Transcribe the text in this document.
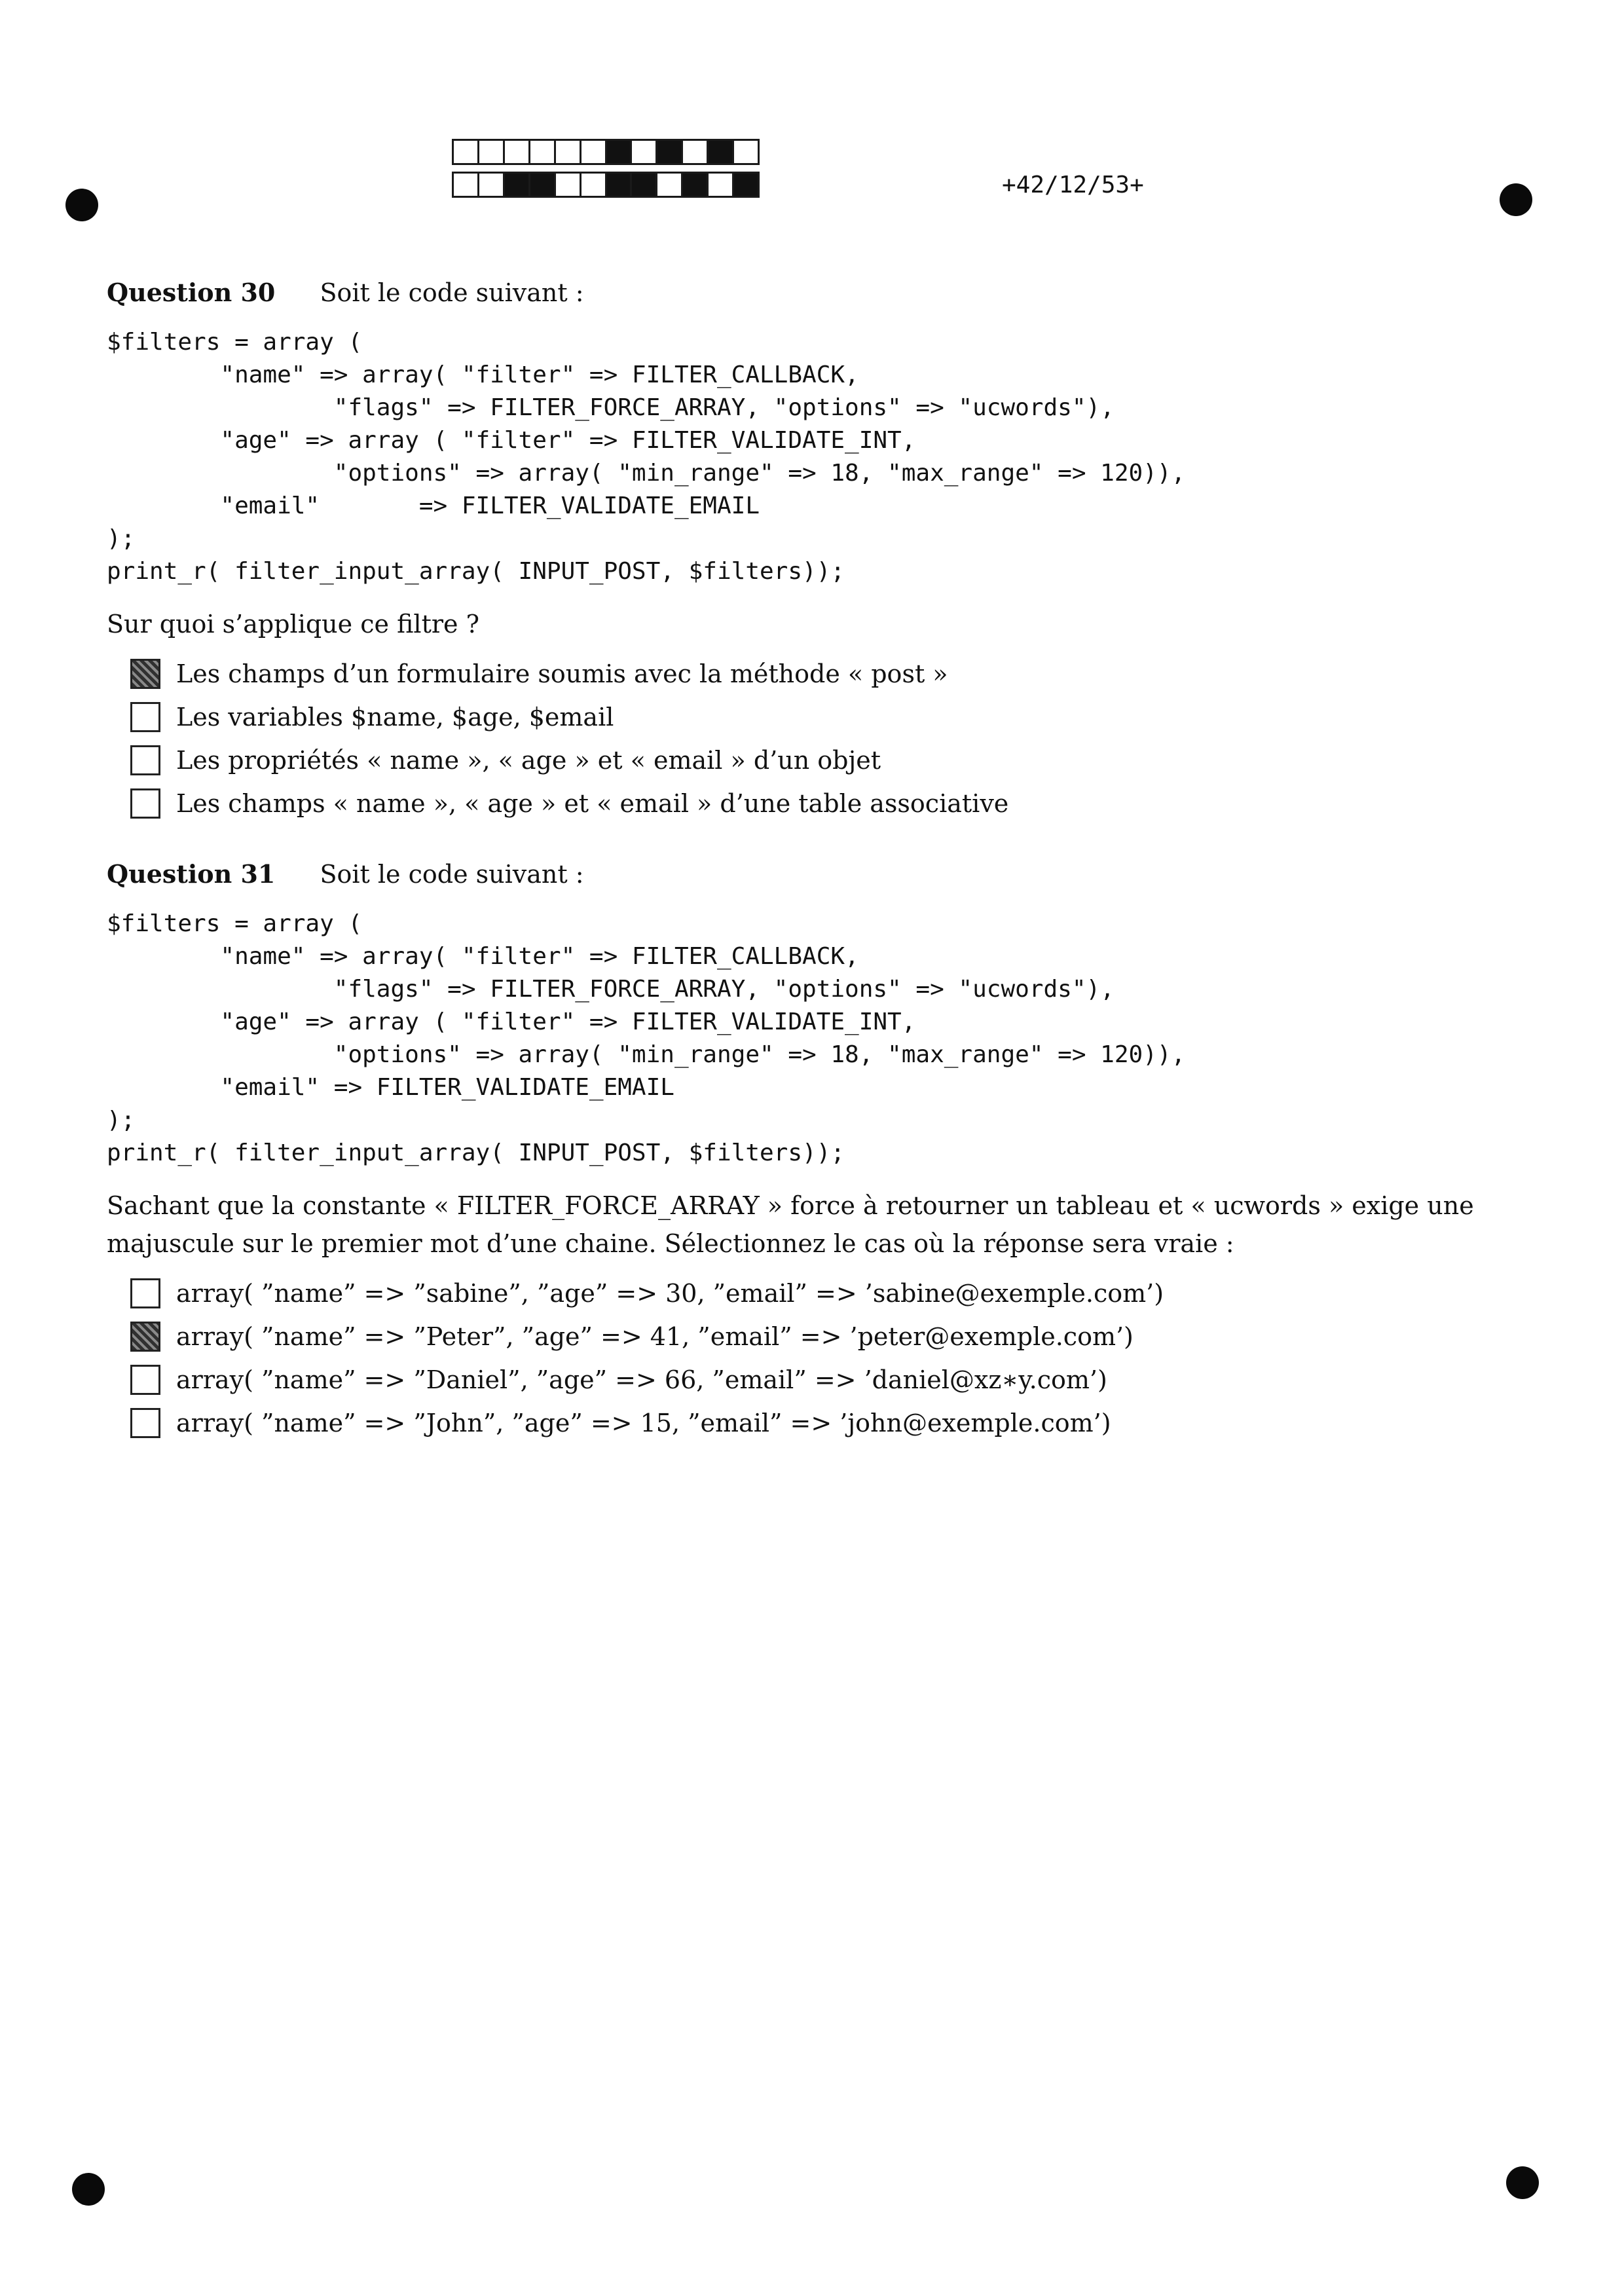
+42/12/53+
Question 30 Soit le code suivant :
$filters = array (
"name" => array( "filter" => FILTER_CALLBACK,
"flags" => FILTER_FORCE_ARRAY, "options" => "ucwords"),
"age" => array ( "filter" => FILTER_VALIDATE_INT,
"options" => array( "min_range" => 18, "max_range" => 120)),
"email"       => FILTER_VALIDATE_EMAIL
);
print_r( filter_input_array( INPUT_POST, $filters));
Sur quoi s’applique ce filtre ?
Les champs d’un formulaire soumis avec la méthode « post »
Les variables $name, $age, $email
Les propriétés « name », « age » et « email » d’un objet
Les champs « name », « age » et « email » d’une table associative
Question 31 Soit le code suivant :
$filters = array (
"name" => array( "filter" => FILTER_CALLBACK,
"flags" => FILTER_FORCE_ARRAY, "options" => "ucwords"),
"age" => array ( "filter" => FILTER_VALIDATE_INT,
"options" => array( "min_range" => 18, "max_range" => 120)),
"email" => FILTER_VALIDATE_EMAIL
);
print_r( filter_input_array( INPUT_POST, $filters));
Sachant que la constante « FILTER_FORCE_ARRAY » force à retourner un tableau et « ucwords » exige une majuscule sur le premier mot d’une chaine. Sélectionnez le cas où la réponse sera vraie :
array( ”name” => ”sabine”, ”age” => 30, ”email” => ’sabine@exemple.com’)
array( ”name” => ”Peter”, ”age” => 41, ”email” => ’peter@exemple.com’)
array( ”name” => ”Daniel”, ”age” => 66, ”email” => ’daniel@xz∗y.com’)
array( ”name” => ”John”, ”age” => 15, ”email” => ’john@exemple.com’)
